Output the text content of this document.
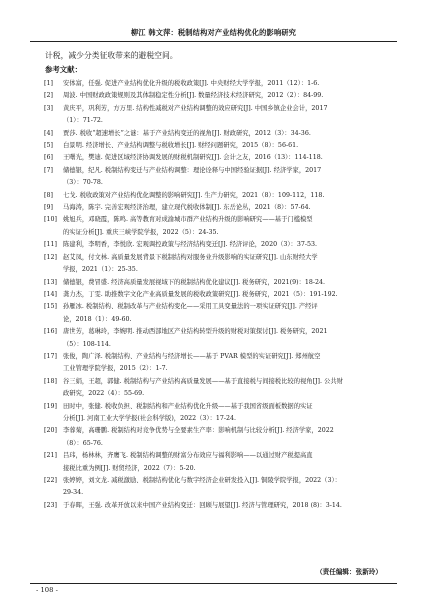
柳江 韩文萍：税制结构对产业结构优化的影响研究
计税，减少分类征收带来的避税空间。
参考文献：
[1] 安体富，任强. 促进产业结构优化升级的税收政策[J]. 中央财经大学学报，2011（12）：1-6.
[2] 周波. 中国财政政策规则及其体制稳定性分析[J]. 数量经济技术经济研究，2012（2）：84-99.
[3] 黄庆平，巩利芳，方万里. 结构性减税对产业结构调整的效应研究[J]. 中国乡镇企业会计，2017
（1）：71-72.
[4] 贾莎. 税收“超速增长”之谜：基于产业结构变迁的视角[J]. 财政研究，2012（3）：34-36.
[5] 白景明. 经济增长、产业结构调整与税收增长[J]. 财经问题研究，2015（8）：56-61.
[6] 王曙光，樊迪. 促进区域经济协调发展的财税机制研究[J]. 会计之友，2016（13）：114-118.
[7] 储德银，纪凡. 税制结构变迁与产业结构调整：理论诠释与中国经验证据[J]. 经济学家，2017
（3）：70-78.
[8] 七戈. 税收政策对产业结构优化调整的影响研究[J]. 生产力研究，2021（8）：109-112，118.
[9] 马海涛，陈宇. 完善宏观经济治理，建立现代税收体制[J]. 东岳论丛，2021（8）：57-64.
[10] 姚旭兵，邓晓霞，陈鸣. 高等教育对成渝城市群产业结构升级的影响研究——基于门槛模型
的实证分析[J]. 重庆三峡学院学报，2022（5）：24-35.
[11] 陈建利，李明香，李悦欣. 宏观调控政策与经济结构变迁[J]. 经济评论，2020（3）：37-53.
[12] 赵艾凤，付文林. 高质量发展背景下税制结构对服务业升级影响的实证研究[J]. 山东财经大学
学报，2021（1）：25-35.
[13] 储德银，费冒盛. 经济高质量发展视域下的税制结构优化建议[J]. 税务研究，2021(9)：18-24.
[14] 龚力杰，丁雯. 助推数字文化产业高质量发展的税收政策研究[J]. 税务研究，2021（5）：191-192.
[15] 孙雁冰. 税制结构、税制改革与产业结构变化——采用工具变量法的一项实证研究[J]. 产经评
论，2018（1）：49-60.
[16] 唐世芳，葛琳玲，李婉明. 推动西部地区产业结构转型升级的财税对策探讨[J]. 税务研究，2021
（5）：108-114.
[17] 张俊，陶广泽. 税制结构、产业结构与经济增长——基于 PVAR 模型的实证研究[J]. 郑州航空
工业管理学院学报，2015（2）：1-7.
[18] 谷三娟，王超，郭健. 税制结构与产业结构高质量发展——基于直接税与间接税比较的视角[J]. 公共财
政研究，2022（4）：55-69.
[19] 田时中，张健. 税收负担、税制结构和产业结构优化升级——基于我国省级面板数据的实证
分析[J]. 河南工业大学学报(社会科学版)，2022（3）：17-24.
[20] 李蓉菊，高珊鹏. 税制结构对竞争优势与全要素生产率：影响机制与比较分析[J]. 经济学家，2022
（8）：65-76.
[21] 吕玮，杨林林，齐鹰飞. 税制结构调整的财富分布效应与福利影响——以通过财产税提高直
接税比重为例[J]. 财贸经济，2022（7）：5-20.
[22] 张婷婷，刘文龙. 减税激励、税制结构优化与数字经济企业研发投入[J]. 铜陵学院学报，2022（3）：
29-34.
[23] 于春晖，王强. 改革开放以来中国产业结构变迁：回顾与展望[J]. 经济与管理研究，2018 (8)：3-14.
（责任编辑：张新玲）
- 108 -
